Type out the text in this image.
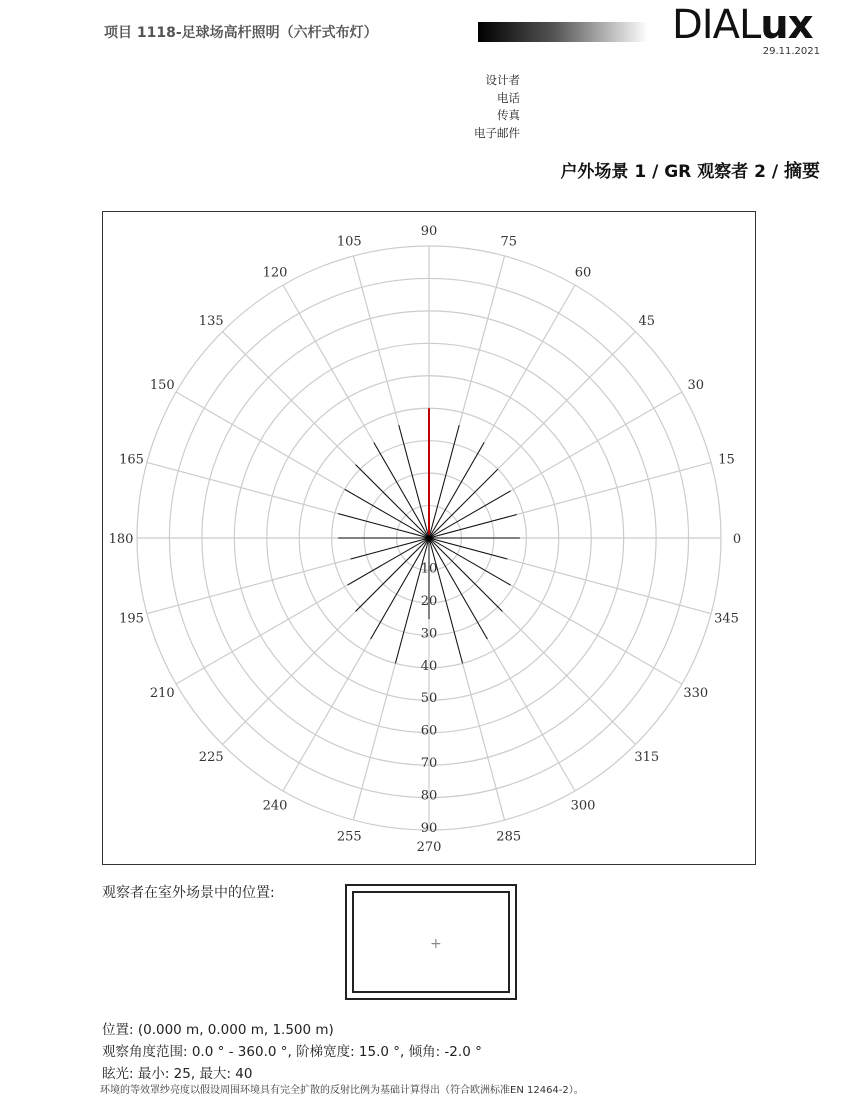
项目 1118-足球场高杆照明（六杆式布灯）	DIALux
29.11.2021
设计者
电话
传真
电子邮件
户外场景 1 / GR 观察者 2 / 摘要
0
15
30
45
60
75
90
105
120
135
150
165
180
195
210
225
240
255
270
285
300
315
330
345
10
20
30
40
50
60
70
80
90
观察者在室外场景中的位置:
+
位置: (0.000 m, 0.000 m, 1.500 m)
观察角度范围: 0.0 ° - 360.0 °, 阶梯宽度: 15.0 °, 倾角: -2.0 °
眩光: 最小: 25, 最大: 40
环境的等效罩纱亮度以假设周围环境具有完全扩散的反射比例为基础计算得出（符合欧洲标准EN 12464-2）。
